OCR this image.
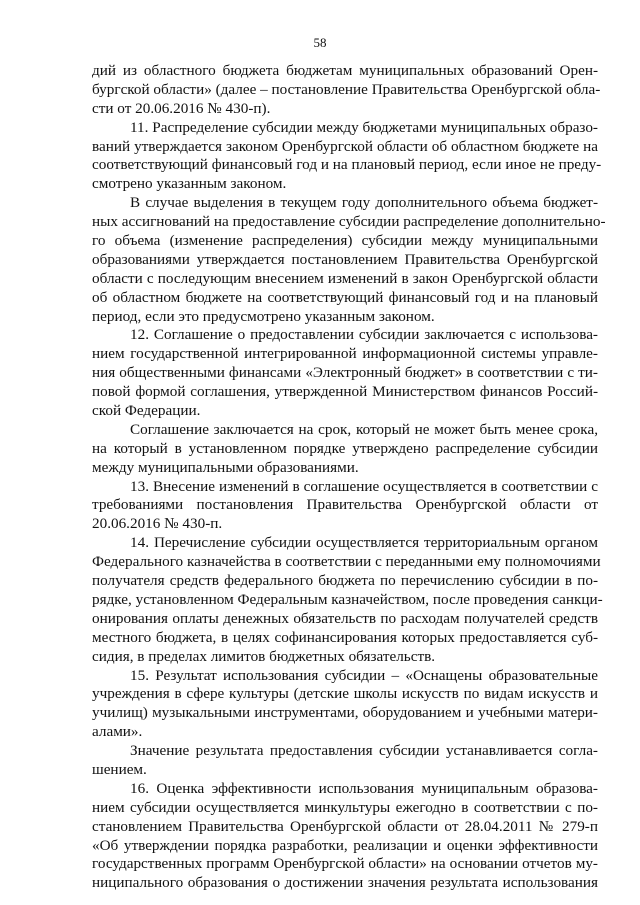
58
дий из областного бюджета бюджетам муниципальных образований Орен-
бургской области» (далее – постановление Правительства Оренбургской обла-
сти от 20.06.2016 № 430-п).
11. Распределение субсидии между бюджетами муниципальных образо-
ваний утверждается законом Оренбургской области об областном бюджете на
соответствующий финансовый год и на плановый период, если иное не преду-
смотрено указанным законом.
В случае выделения в текущем году дополнительного объема бюджет-
ных ассигнований на предоставление субсидии распределение дополнительно-
го объема (изменение распределения) субсидии между муниципальными
образованиями утверждается постановлением Правительства Оренбургской
области с последующим внесением изменений в закон Оренбургской области
об областном бюджете на соответствующий финансовый год и на плановый
период, если это предусмотрено указанным законом.
12. Соглашение о предоставлении субсидии заключается с использова-
нием государственной интегрированной информационной системы управле-
ния общественными финансами «Электронный бюджет» в соответствии с ти-
повой формой соглашения, утвержденной Министерством финансов Россий-
ской Федерации.
Соглашение заключается на срок, который не может быть менее срока,
на который в установленном порядке утверждено распределение субсидии
между муниципальными образованиями.
13. Внесение изменений в соглашение осуществляется в соответствии с
требованиями постановления Правительства Оренбургской области от
20.06.2016 № 430-п.
14. Перечисление субсидии осуществляется территориальным органом
Федерального казначейства в соответствии с переданными ему полномочиями
получателя средств федерального бюджета по перечислению субсидии в по-
рядке, установленном Федеральным казначейством, после проведения санкци-
онирования оплаты денежных обязательств по расходам получателей средств
местного бюджета, в целях софинансирования которых предоставляется суб-
сидия, в пределах лимитов бюджетных обязательств.
15. Результат использования субсидии – «Оснащены образовательные
учреждения в сфере культуры (детские школы искусств по видам искусств и
училищ) музыкальными инструментами, оборудованием и учебными матери-
алами».
Значение результата предоставления субсидии устанавливается согла-
шением.
16. Оценка эффективности использования муниципальным образова-
нием субсидии осуществляется минкультуры ежегодно в соответствии с по-
становлением Правительства Оренбургской области от 28.04.2011 № 279-п
«Об утверждении порядка разработки, реализации и оценки эффективности
государственных программ Оренбургской области» на основании отчетов му-
ниципального образования о достижении значения результата использования
